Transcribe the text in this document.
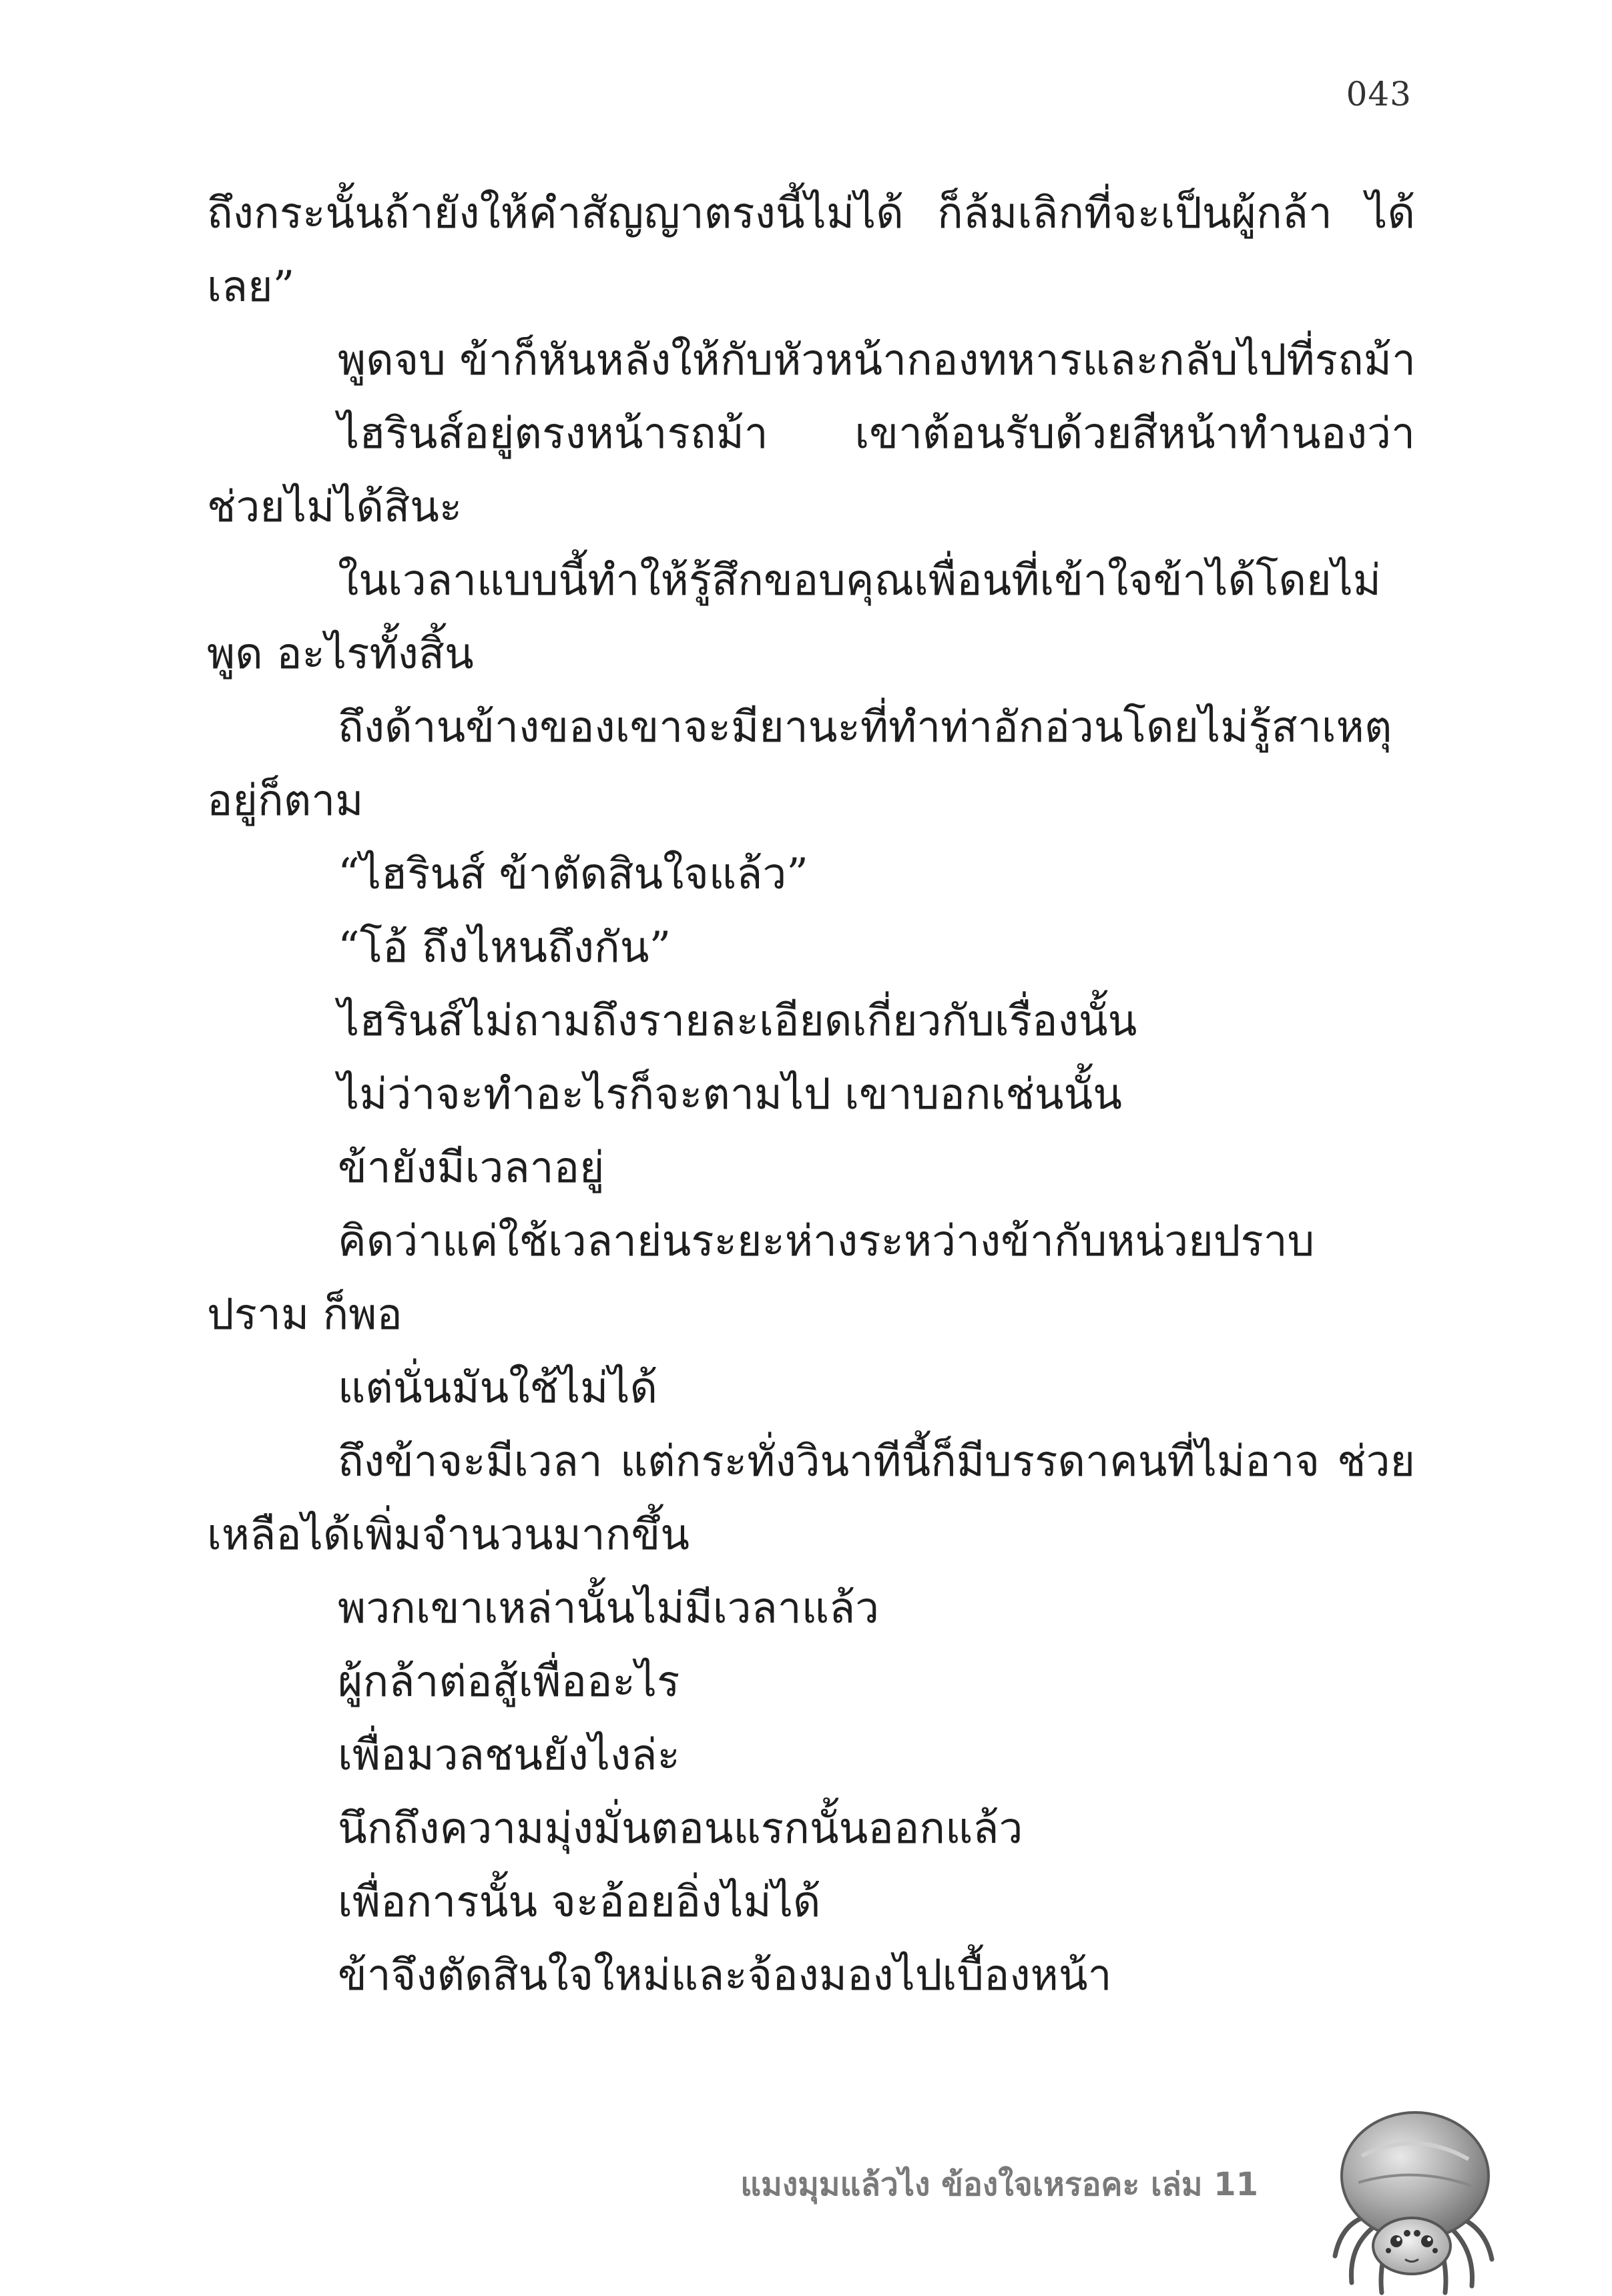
043

ถึงกระนั้นถ้ายังให้คำสัญญาตรงนี้ไม่ได้ ก็ล้มเลิกที่จะเป็นผู้กล้า ได้เลย”

พูดจบ ข้าก็หันหลังให้กับหัวหน้ากองทหารและกลับไปที่รถม้า

ไฮรินส์อยู่ตรงหน้ารถม้า เขาต้อนรับด้วยสีหน้าทำนองว่า ช่วยไม่ได้สินะ

ในเวลาแบบนี้ทำให้รู้สึกขอบคุณเพื่อนที่เข้าใจข้าได้โดยไม่พูด อะไรทั้งสิ้น

ถึงด้านข้างของเขาจะมียานะที่ทำท่าอักอ่วนโดยไม่รู้สาเหตุ อยู่ก็ตาม

“ไฮรินส์ ข้าตัดสินใจแล้ว”

“โอ้ ถึงไหนถึงกัน”

ไฮรินส์ไม่ถามถึงรายละเอียดเกี่ยวกับเรื่องนั้น

ไม่ว่าจะทำอะไรก็จะตามไป เขาบอกเช่นนั้น

ข้ายังมีเวลาอยู่

คิดว่าแค่ใช้เวลาย่นระยะห่างระหว่างข้ากับหน่วยปราบปราม ก็พอ

แต่นั่นมันใช้ไม่ได้

ถึงข้าจะมีเวลา แต่กระทั่งวินาทีนี้ก็มีบรรดาคนที่ไม่อาจ ช่วยเหลือได้เพิ่มจำนวนมากขึ้น

พวกเขาเหล่านั้นไม่มีเวลาแล้ว

ผู้กล้าต่อสู้เพื่ออะไร

เพื่อมวลชนยังไงล่ะ

นึกถึงความมุ่งมั่นตอนแรกนั้นออกแล้ว

เพื่อการนั้น จะอ้อยอิ่งไม่ได้

ข้าจึงตัดสินใจใหม่และจ้องมองไปเบื้องหน้า

แมงมุมแล้วไง ข้องใจเหรอคะ เล่ม 11
